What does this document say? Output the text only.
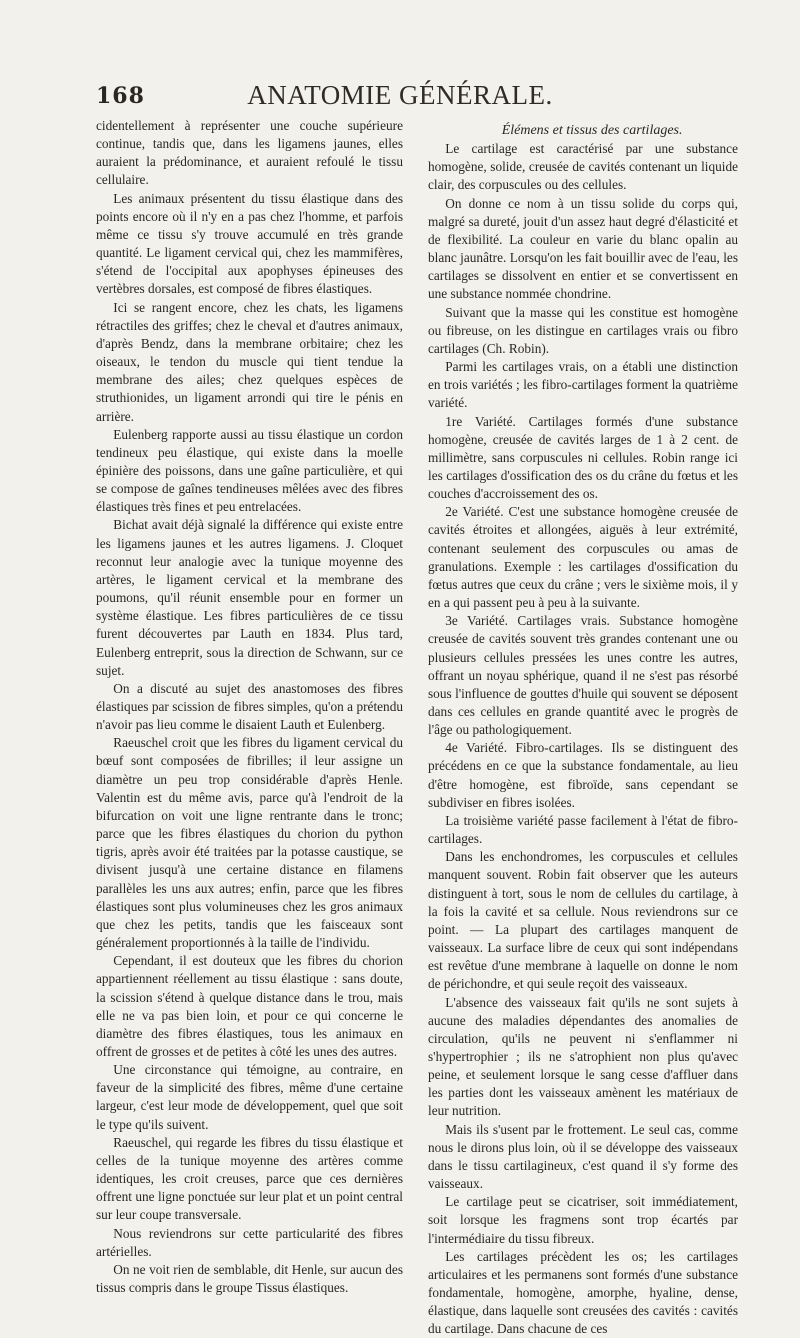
168	ANATOMIE GÉNÉRALE.

cidentellement à représenter une couche supérieure continue, tandis que, dans les ligamens jaunes, elles auraient la prédominance, et auraient refoulé le tissu cellulaire.

Les animaux présentent du tissu élastique dans des points encore où il n'y en a pas chez l'homme, et parfois même ce tissu s'y trouve accumulé en très grande quantité. Le ligament cervical qui, chez les mammifères, s'étend de l'occipital aux apophyses épineuses des vertèbres dorsales, est composé de fibres élastiques.

Ici se rangent encore, chez les chats, les ligamens rétractiles des griffes; chez le cheval et d'autres animaux, d'après Bendz, dans la membrane orbitaire; chez les oiseaux, le tendon du muscle qui tient tendue la membrane des ailes; chez quelques espèces de struthionides, un ligament arrondi qui tire le pénis en arrière.

Eulenberg rapporte aussi au tissu élastique un cordon tendineux peu élastique, qui existe dans la moelle épinière des poissons, dans une gaîne particulière, et qui se compose de gaînes tendineuses mêlées avec des fibres élastiques très fines et peu entrelacées.

Bichat avait déjà signalé la différence qui existe entre les ligamens jaunes et les autres ligamens. J. Cloquet reconnut leur analogie avec la tunique moyenne des artères, le ligament cervical et la membrane des poumons, qu'il réunit ensemble pour en former un système élastique. Les fibres particulières de ce tissu furent découvertes par Lauth en 1834. Plus tard, Eulenberg entreprit, sous la direction de Schwann, sur ce sujet.

On a discuté au sujet des anastomoses des fibres élastiques par scission de fibres simples, qu'on a prétendu n'avoir pas lieu comme le disaient Lauth et Eulenberg.

Raeuschel croit que les fibres du ligament cervical du bœuf sont composées de fibrilles; il leur assigne un diamètre un peu trop considérable d'après Henle. Valentin est du même avis, parce qu'à l'endroit de la bifurcation on voit une ligne rentrante dans le tronc; parce que les fibres élastiques du chorion du python tigris, après avoir été traitées par la potasse caustique, se divisent jusqu'à une certaine distance en filamens parallèles les uns aux autres; enfin, parce que les fibres élastiques sont plus volumineuses chez les gros animaux que chez les petits, tandis que les faisceaux sont généralement proportionnés à la taille de l'individu.

Cependant, il est douteux que les fibres du chorion appartiennent réellement au tissu élastique : sans doute, la scission s'étend à quelque distance dans le trou, mais elle ne va pas bien loin, et pour ce qui concerne le diamètre des fibres élastiques, tous les animaux en offrent de grosses et de petites à côté les unes des autres.

Une circonstance qui témoigne, au contraire, en faveur de la simplicité des fibres, même d'une certaine largeur, c'est leur mode de développement, quel que soit le type qu'ils suivent.

Raeuschel, qui regarde les fibres du tissu élastique et celles de la tunique moyenne des artères comme identiques, les croit creuses, parce que ces dernières offrent une ligne ponctuée sur leur plat et un point central sur leur coupe transversale.

Nous reviendrons sur cette particularité des fibres artérielles.

On ne voit rien de semblable, dit Henle, sur aucun des tissus compris dans le groupe Tissus élastiques.

Élémens et tissus des cartilages.

Le cartilage est caractérisé par une substance homogène, solide, creusée de cavités contenant un liquide clair, des corpuscules ou des cellules.

On donne ce nom à un tissu solide du corps qui, malgré sa dureté, jouit d'un assez haut degré d'élasticité et de flexibilité. La couleur en varie du blanc opalin au blanc jaunâtre. Lorsqu'on les fait bouillir avec de l'eau, les cartilages se dissolvent en entier et se convertissent en une substance nommée chondrine.

Suivant que la masse qui les constitue est homogène ou fibreuse, on les distingue en cartilages vrais ou fibro cartilages (Ch. Robin).

Parmi les cartilages vrais, on a établi une distinction en trois variétés ; les fibro-cartilages forment la quatrième variété.

1re Variété. Cartilages formés d'une substance homogène, creusée de cavités larges de 1 à 2 cent. de millimètre, sans corpuscules ni cellules. Robin range ici les cartilages d'ossification des os du crâne du fœtus et les couches d'accroissement des os.

2e Variété. C'est une substance homogène creusée de cavités étroites et allongées, aiguës à leur extrémité, contenant seulement des corpuscules ou amas de granulations. Exemple : les cartilages d'ossification du fœtus autres que ceux du crâne ; vers le sixième mois, il y en a qui passent peu à peu à la suivante.

3e Variété. Cartilages vrais. Substance homogène creusée de cavités souvent très grandes contenant une ou plusieurs cellules pressées les unes contre les autres, offrant un noyau sphérique, quand il ne s'est pas résorbé sous l'influence de gouttes d'huile qui souvent se déposent dans ces cellules en grande quantité avec le progrès de l'âge ou pathologiquement.

4e Variété. Fibro-cartilages. Ils se distinguent des précédens en ce que la substance fondamentale, au lieu d'être homogène, est fibroïde, sans cependant se subdiviser en fibres isolées.

La troisième variété passe facilement à l'état de fibro-cartilages.

Dans les enchondromes, les corpuscules et cellules manquent souvent. Robin fait observer que les auteurs distinguent à tort, sous le nom de cellules du cartilage, à la fois la cavité et sa cellule. Nous reviendrons sur ce point. — La plupart des cartilages manquent de vaisseaux. La surface libre de ceux qui sont indépendans est revêtue d'une membrane à laquelle on donne le nom de périchondre, et qui seule reçoit des vaisseaux.

L'absence des vaisseaux fait qu'ils ne sont sujets à aucune des maladies dépendantes des anomalies de circulation, qu'ils ne peuvent ni s'enflammer ni s'hypertrophier ; ils ne s'atrophient non plus qu'avec peine, et seulement lorsque le sang cesse d'affluer dans les parties dont les vaisseaux amènent les matériaux de leur nutrition.

Mais ils s'usent par le frottement. Le seul cas, comme nous le dirons plus loin, où il se développe des vaisseaux dans le tissu cartilagineux, c'est quand il s'y forme des vaisseaux.

Le cartilage peut se cicatriser, soit immédiatement, soit lorsque les fragmens sont trop écartés par l'intermédiaire du tissu fibreux.

Les cartilages précèdent les os; les cartilages articulaires et les permanens sont formés d'une substance fondamentale, homogène, amorphe, hyaline, dense, élastique, dans laquelle sont creusées des cavités : cavités du cartilage. Dans chacune de ces
